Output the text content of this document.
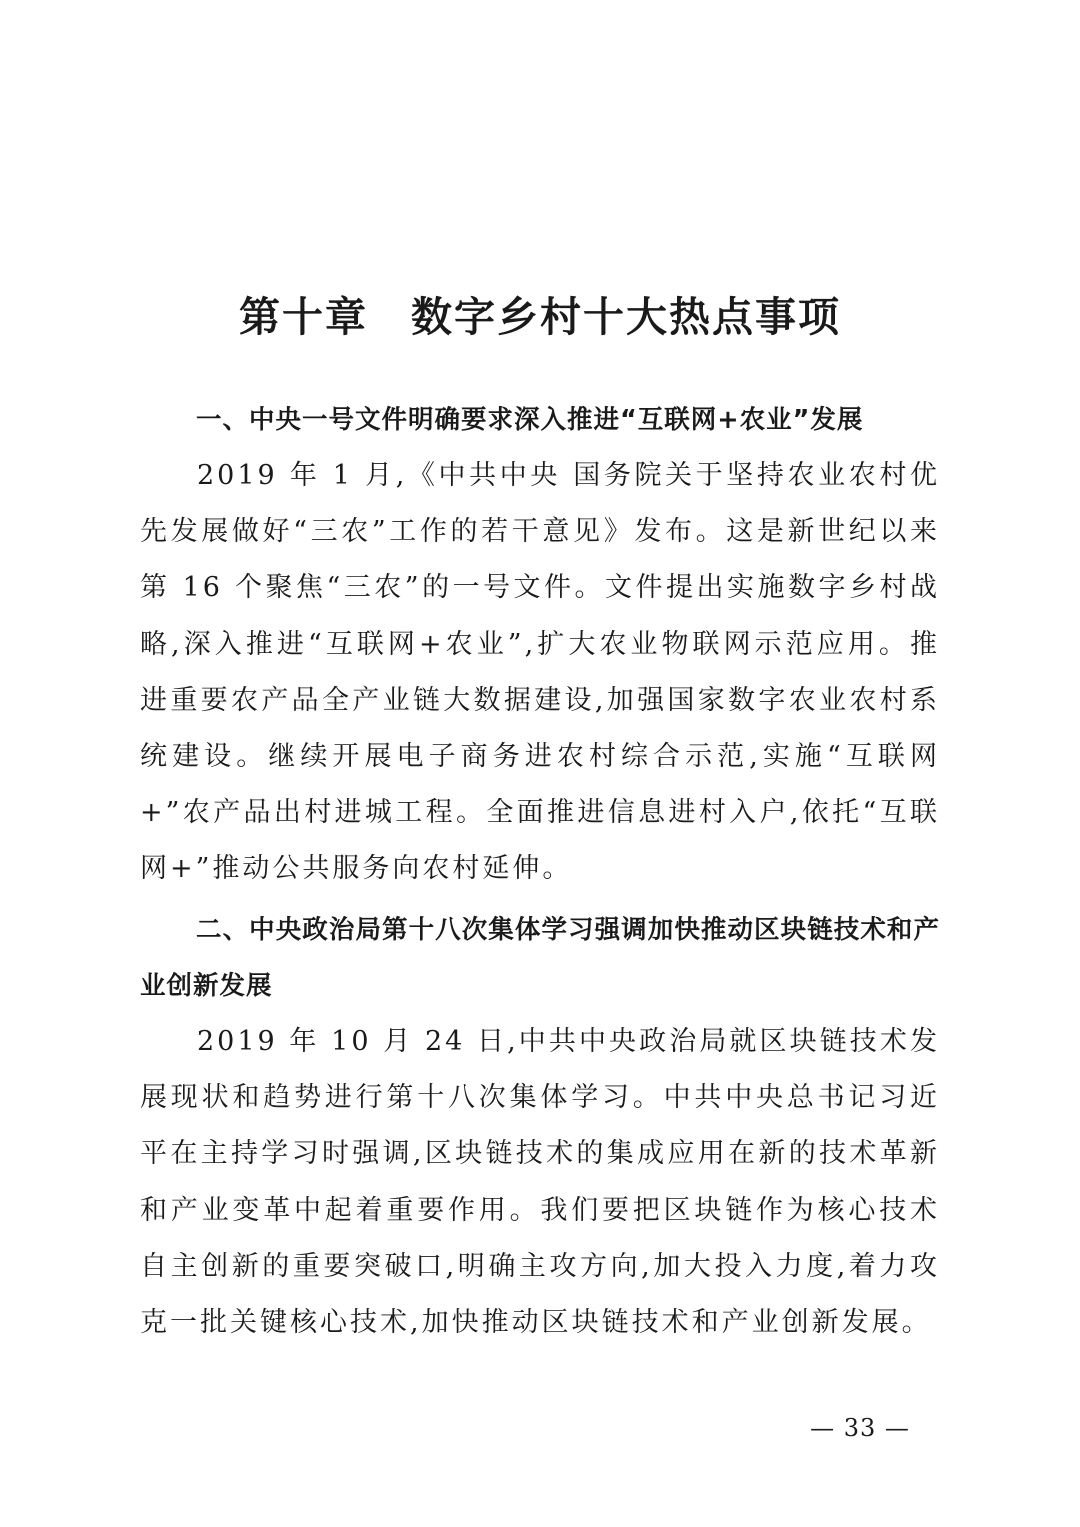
第十章　数字乡村十大热点事项
一、中央一号文件明确要求深入推进“互联网+农业”发展

2019 年 1 月,《中共中央 国务院关于坚持农业农村优先发展做好“三农”工作的若干意见》发布。这是新世纪以来第 16 个聚焦“三农”的一号文件。文件提出实施数字乡村战略,深入推进“互联网+农业”,扩大农业物联网示范应用。推进重要农产品全产业链大数据建设,加强国家数字农业农村系统建设。继续开展电子商务进农村综合示范,实施“互联网+”农产品出村进城工程。全面推进信息进村入户,依托“互联网+”推动公共服务向农村延伸。

二、中央政治局第十八次集体学习强调加快推动区块链技术和产业创新发展

2019 年 10 月 24 日,中共中央政治局就区块链技术发展现状和趋势进行第十八次集体学习。中共中央总书记习近平在主持学习时强调,区块链技术的集成应用在新的技术革新和产业变革中起着重要作用。我们要把区块链作为核心技术自主创新的重要突破口,明确主攻方向,加大投入力度,着力攻克一批关键核心技术,加快推动区块链技术和产业创新发展。

— 33 —
